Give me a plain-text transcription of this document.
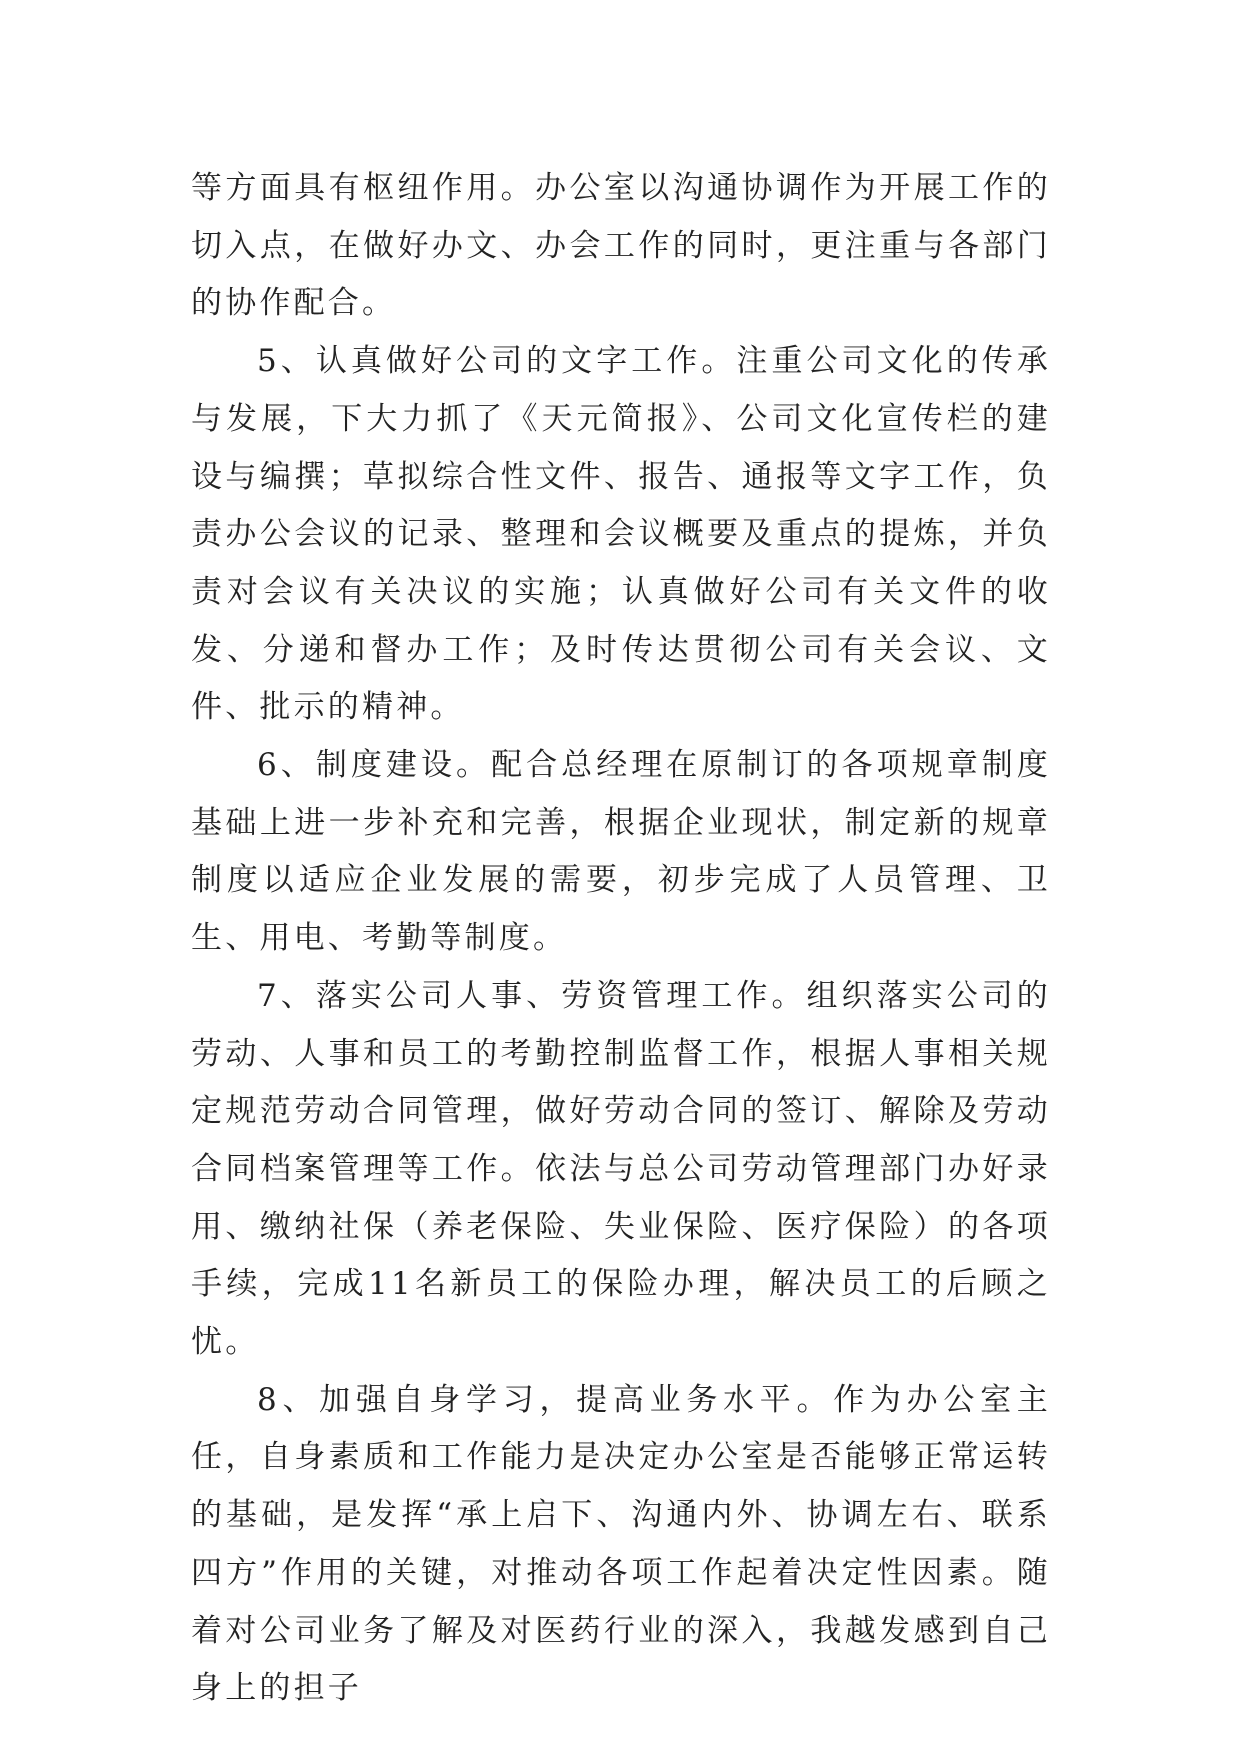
等方面具有枢纽作用。办公室以沟通协调作为开展工作的切入点，在做好办文、办会工作的同时，更注重与各部门的协作配合。

5、认真做好公司的文字工作。注重公司文化的传承与发展，下大力抓了《天元简报》、公司文化宣传栏的建设与编撰；草拟综合性文件、报告、通报等文字工作，负责办公会议的记录、整理和会议概要及重点的提炼，并负责对会议有关决议的实施；认真做好公司有关文件的收发、分递和督办工作；及时传达贯彻公司有关会议、文件、批示的精神。

6、制度建设。配合总经理在原制订的各项规章制度基础上进一步补充和完善，根据企业现状，制定新的规章制度以适应企业发展的需要，初步完成了人员管理、卫生、用电、考勤等制度。

7、落实公司人事、劳资管理工作。组织落实公司的劳动、人事和员工的考勤控制监督工作，根据人事相关规定规范劳动合同管理，做好劳动合同的签订、解除及劳动合同档案管理等工作。依法与总公司劳动管理部门办好录用、缴纳社保（养老保险、失业保险、医疗保险）的各项手续，完成11名新员工的保险办理，解决员工的后顾之忧。

8、加强自身学习，提高业务水平。作为办公室主任，自身素质和工作能力是决定办公室是否能够正常运转的基础，是发挥“承上启下、沟通内外、协调左右、联系四方”作用的关键，对推动各项工作起着决定性因素。随着对公司业务了解及对医药行业的深入，我越发感到自己身上的担子
